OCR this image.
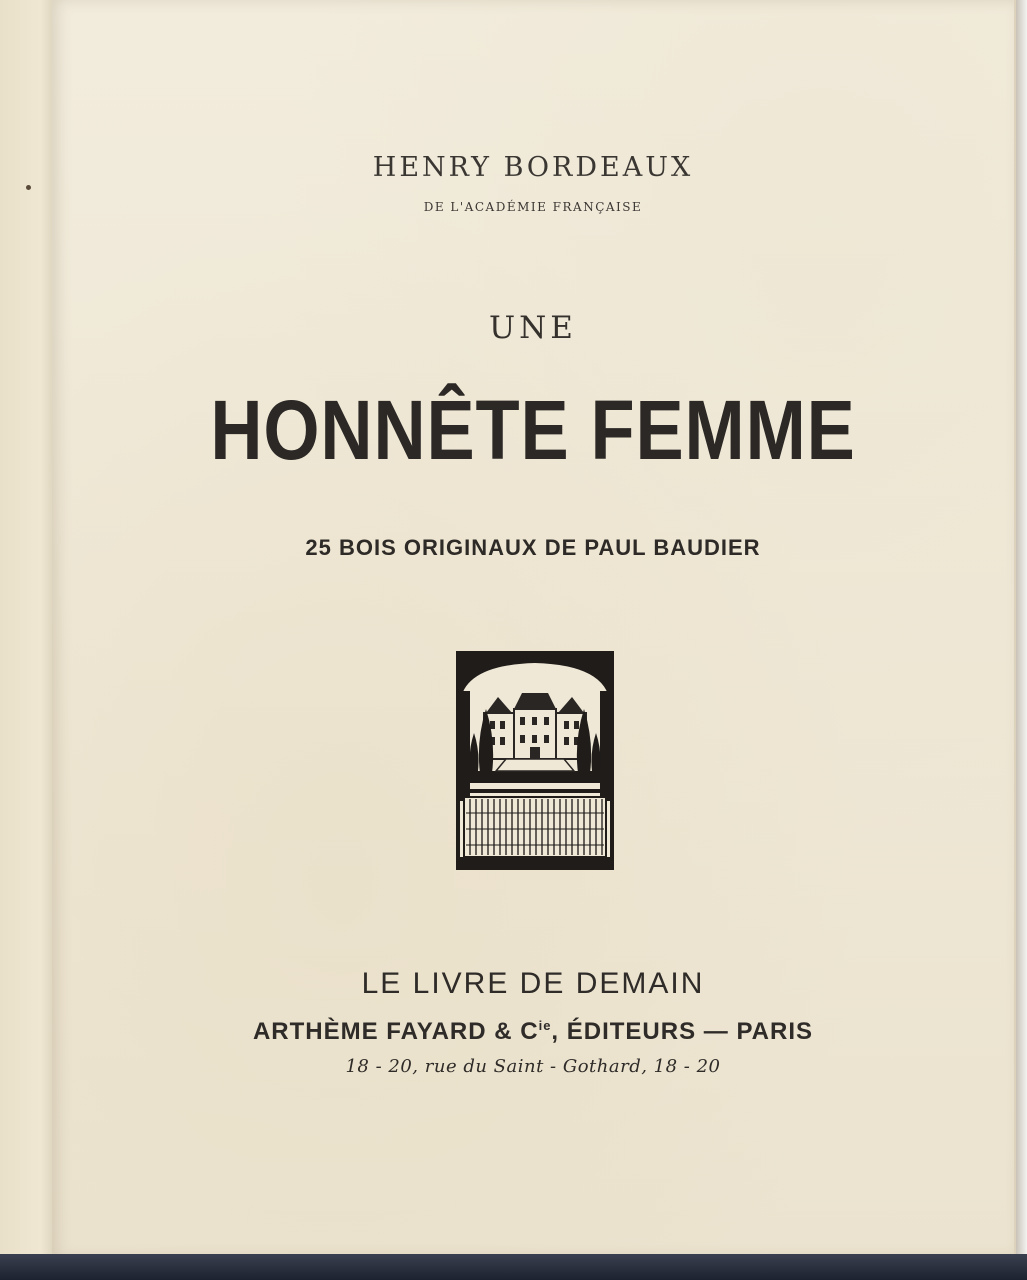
HENRY BORDEAUX
DE L'ACADÉMIE FRANÇAISE
UNE
HONNÊTE FEMME
25 BOIS ORIGINAUX DE PAUL BAUDIER
LE LIVRE DE DEMAIN
ARTHÈME FAYARD & $C^{ie}$, ÉDITEURS — PARIS
18 - 20, rue du Saint - Gothard, 18 - 20
